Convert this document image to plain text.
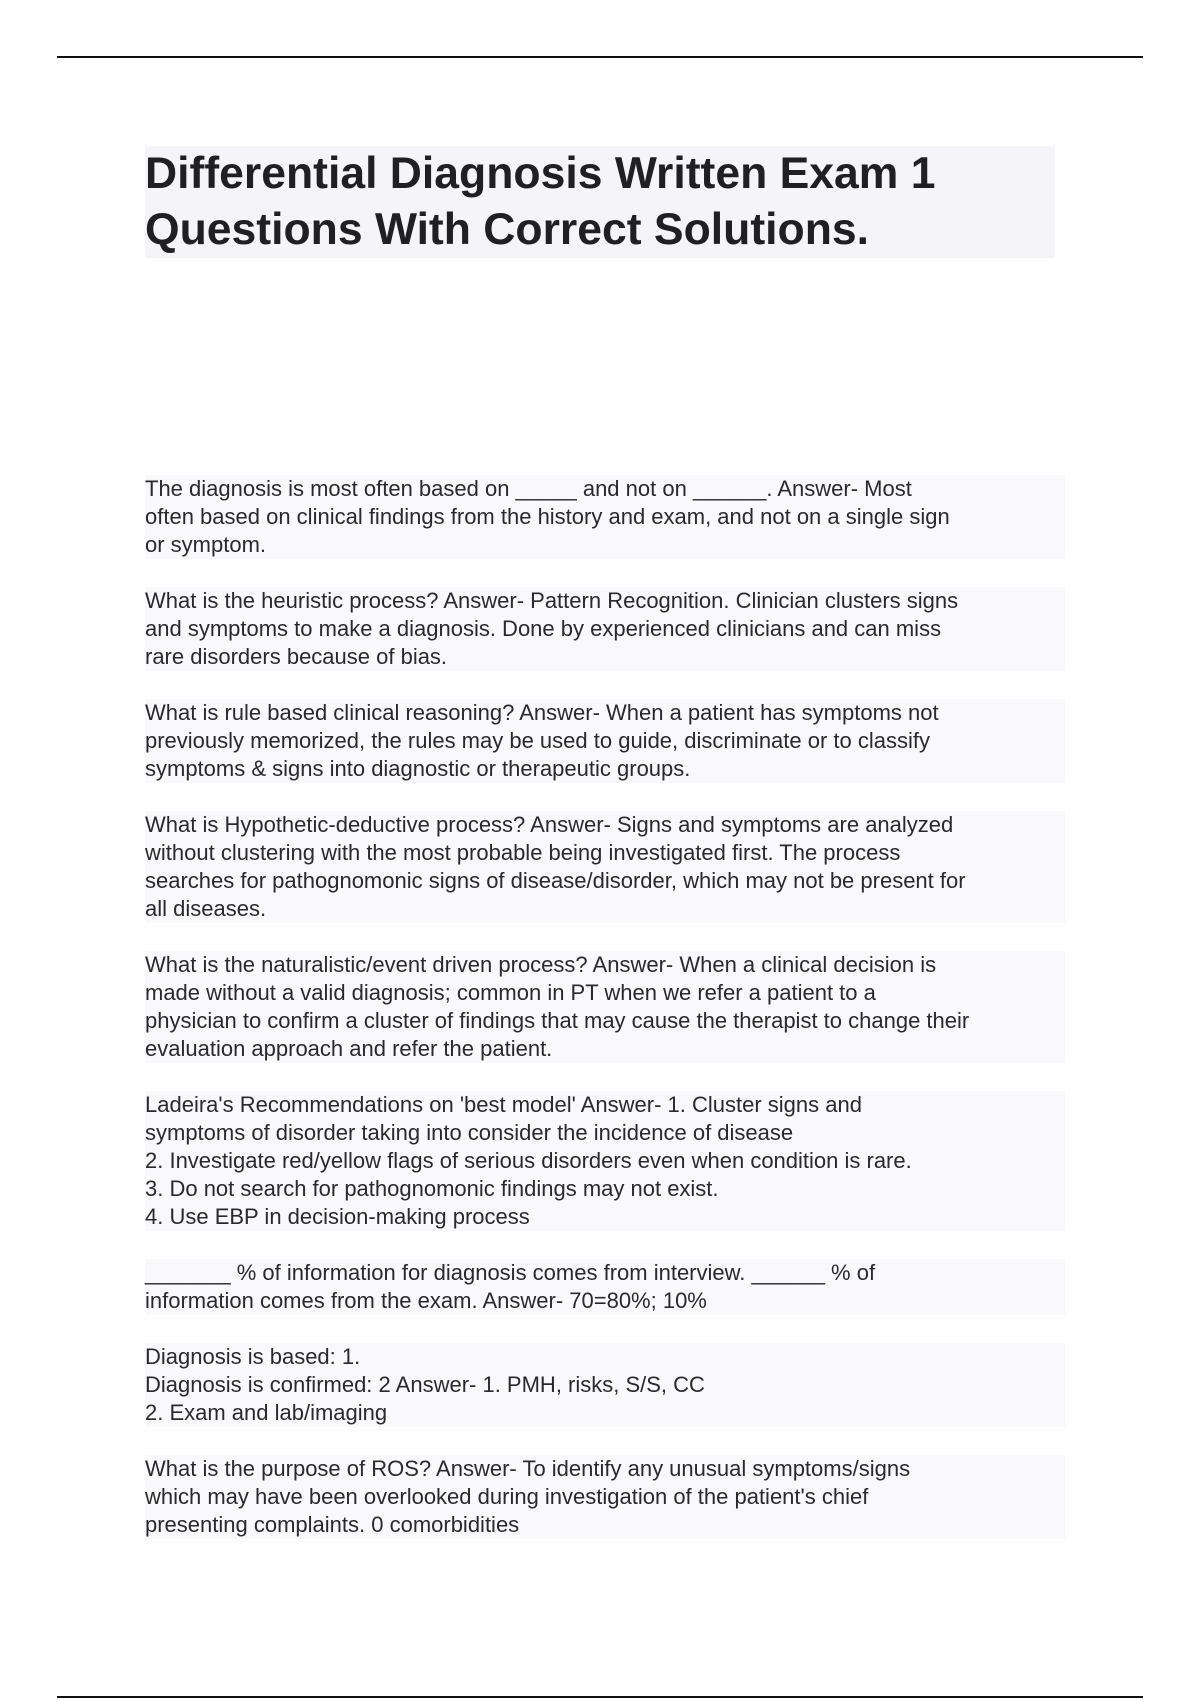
Differential Diagnosis Written Exam 1
Questions With Correct Solutions.

The diagnosis is most often based on _____ and not on ______. Answer- Most
often based on clinical findings from the history and exam, and not on a single sign
or symptom.

What is the heuristic process? Answer- Pattern Recognition. Clinician clusters signs
and symptoms to make a diagnosis. Done by experienced clinicians and can miss
rare disorders because of bias.

What is rule based clinical reasoning? Answer- When a patient has symptoms not
previously memorized, the rules may be used to guide, discriminate or to classify
symptoms & signs into diagnostic or therapeutic groups.

What is Hypothetic-deductive process? Answer- Signs and symptoms are analyzed
without clustering with the most probable being investigated first. The process
searches for pathognomonic signs of disease/disorder, which may not be present for
all diseases.

What is the naturalistic/event driven process? Answer- When a clinical decision is
made without a valid diagnosis; common in PT when we refer a patient to a
physician to confirm a cluster of findings that may cause the therapist to change their
evaluation approach and refer the patient.

Ladeira's Recommendations on 'best model' Answer- 1. Cluster signs and
symptoms of disorder taking into consider the incidence of disease
2. Investigate red/yellow flags of serious disorders even when condition is rare.
3. Do not search for pathognomonic findings may not exist.
4. Use EBP in decision-making process

_______ % of information for diagnosis comes from interview. ______ % of
information comes from the exam. Answer- 70=80%; 10%

Diagnosis is based: 1.
Diagnosis is confirmed: 2 Answer- 1. PMH, risks, S/S, CC
2. Exam and lab/imaging

What is the purpose of ROS? Answer- To identify any unusual symptoms/signs
which may have been overlooked during investigation of the patient's chief
presenting complaints. 0 comorbidities
